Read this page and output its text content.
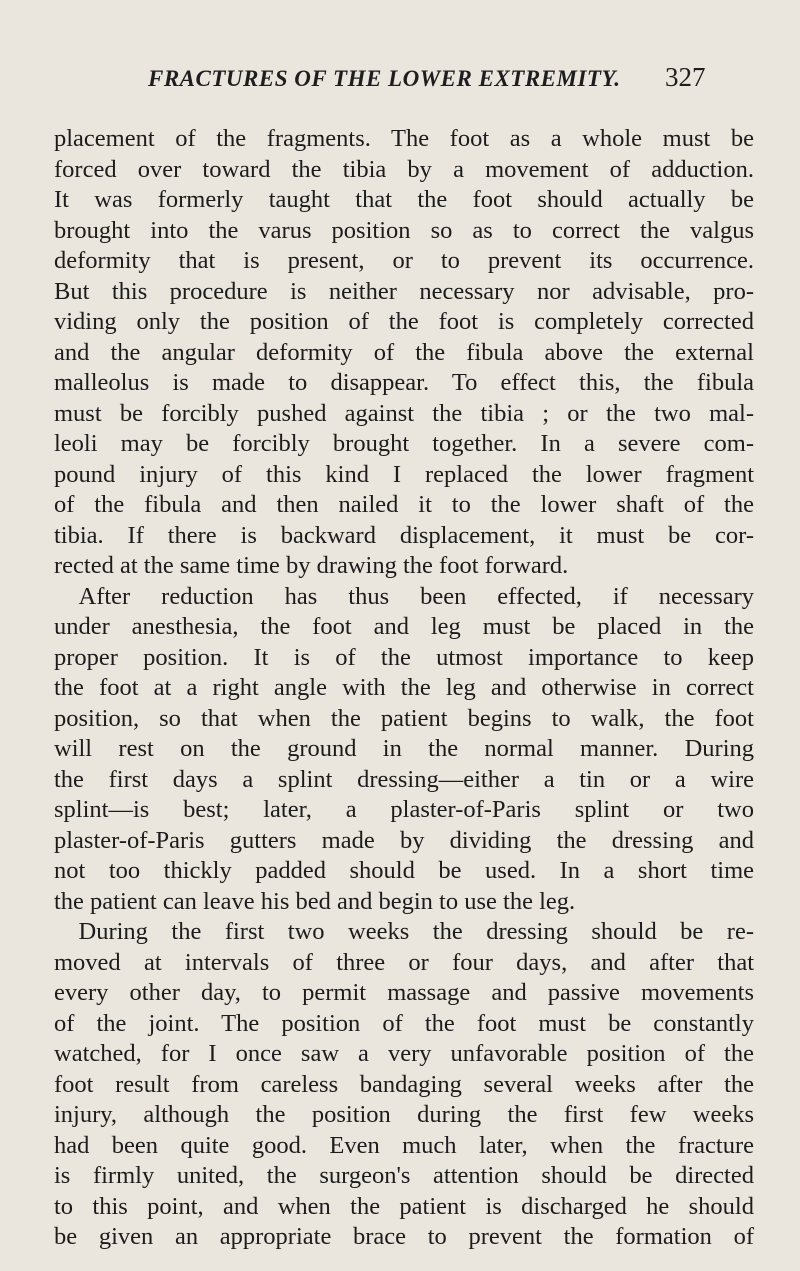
FRACTURES OF THE LOWER EXTREMITY.	327
placement of the fragments. The foot as a whole must be
forced over toward the tibia by a movement of adduction.
It was formerly taught that the foot should actually be
brought into the varus position so as to correct the valgus
deformity that is present, or to prevent its occurrence.
But this procedure is neither necessary nor advisable, pro-
viding only the position of the foot is completely corrected
and the angular deformity of the fibula above the external
malleolus is made to disappear. To effect this, the fibula
must be forcibly pushed against the tibia ; or the two mal-
leoli may be forcibly brought together. In a severe com-
pound injury of this kind I replaced the lower fragment
of the fibula and then nailed it to the lower shaft of the
tibia. If there is backward displacement, it must be cor-
rected at the same time by drawing the foot forward.
After reduction has thus been effected, if necessary
under anesthesia, the foot and leg must be placed in the
proper position. It is of the utmost importance to keep
the foot at a right angle with the leg and otherwise in correct
position, so that when the patient begins to walk, the foot
will rest on the ground in the normal manner. During
the first days a splint dressing—either a tin or a wire
splint—is best; later, a plaster-of-Paris splint or two
plaster-of-Paris gutters made by dividing the dressing and
not too thickly padded should be used. In a short time
the patient can leave his bed and begin to use the leg.
During the first two weeks the dressing should be re-
moved at intervals of three or four days, and after that
every other day, to permit massage and passive movements
of the joint. The position of the foot must be constantly
watched, for I once saw a very unfavorable position of the
foot result from careless bandaging several weeks after the
injury, although the position during the first few weeks
had been quite good. Even much later, when the fracture
is firmly united, the surgeon's attention should be directed
to this point, and when the patient is discharged he should
be given an appropriate brace to prevent the formation of
